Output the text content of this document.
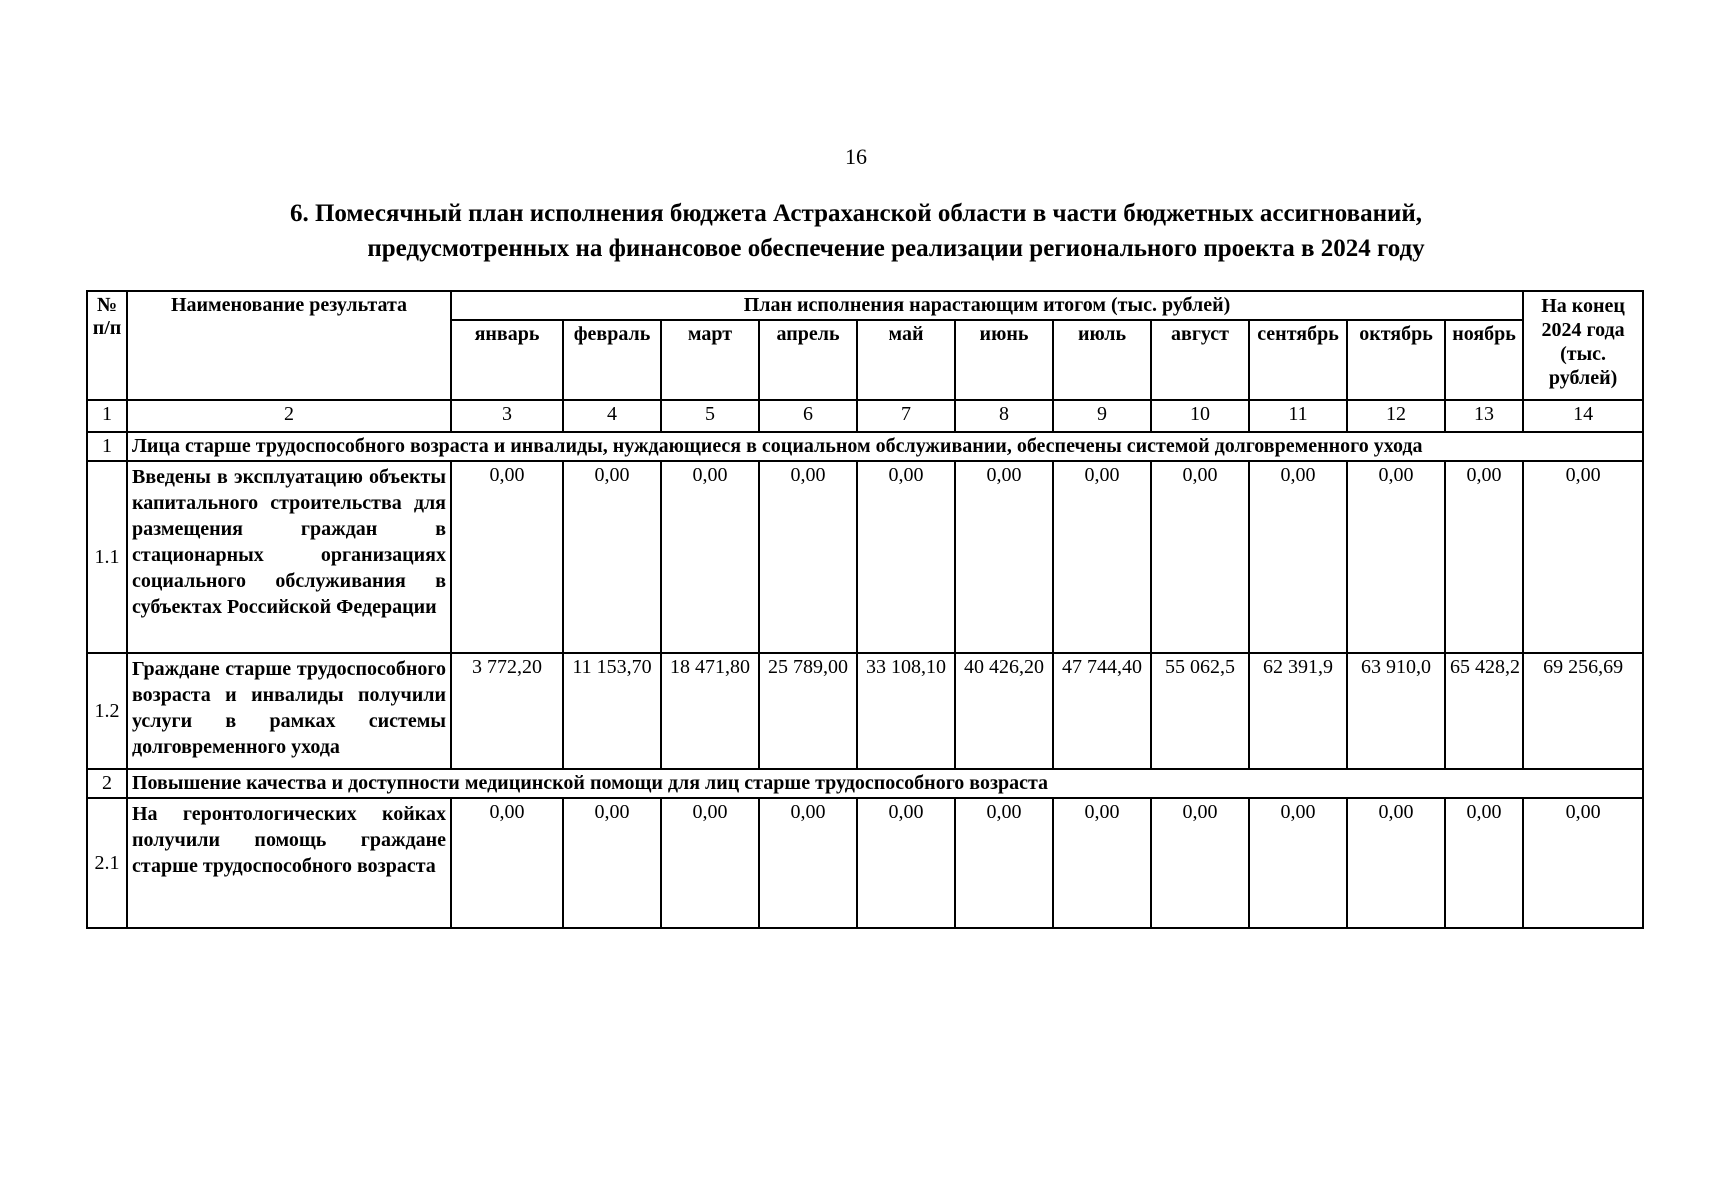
16
6. Помесячный план исполнения бюджета Астраханской области в части бюджетных ассигнований,
предусмотренных на финансовое обеспечение реализации регионального проекта в 2024 году
№ п/п	Наименование результата	План исполнения нарастающим итогом (тыс. рублей)											На конец 2024 года (тыс. рублей)
		январь	февраль	март	апрель	май	июнь	июль	август	сентябрь	октябрь	ноябрь	
1	2	3	4	5	6	7	8	9	10	11	12	13	14
1	Лица старше трудоспособного возраста и инвалиды, нуждающиеся в социальном обслуживании, обеспечены системой долговременного ухода												
1.1	Введены в эксплуатацию объекты капитального строительства для размещения граждан в стационарных организациях социального обслуживания в субъектах Российской Федерации	0,00	0,00	0,00	0,00	0,00	0,00	0,00	0,00	0,00	0,00	0,00	0,00
1.2	Граждане старше трудоспособного возраста и инвалиды получили услуги в рамках системы долговременного ухода	3 772,20	11 153,70	18 471,80	25 789,00	33 108,10	40 426,20	47 744,40	55 062,5	62 391,9	63 910,0	65 428,2	69 256,69
2	Повышение качества и доступности медицинской помощи для лиц старше трудоспособного возраста												
2.1	На геронтологических койках получили помощь граждане старше трудоспособного возраста	0,00	0,00	0,00	0,00	0,00	0,00	0,00	0,00	0,00	0,00	0,00	0,00
